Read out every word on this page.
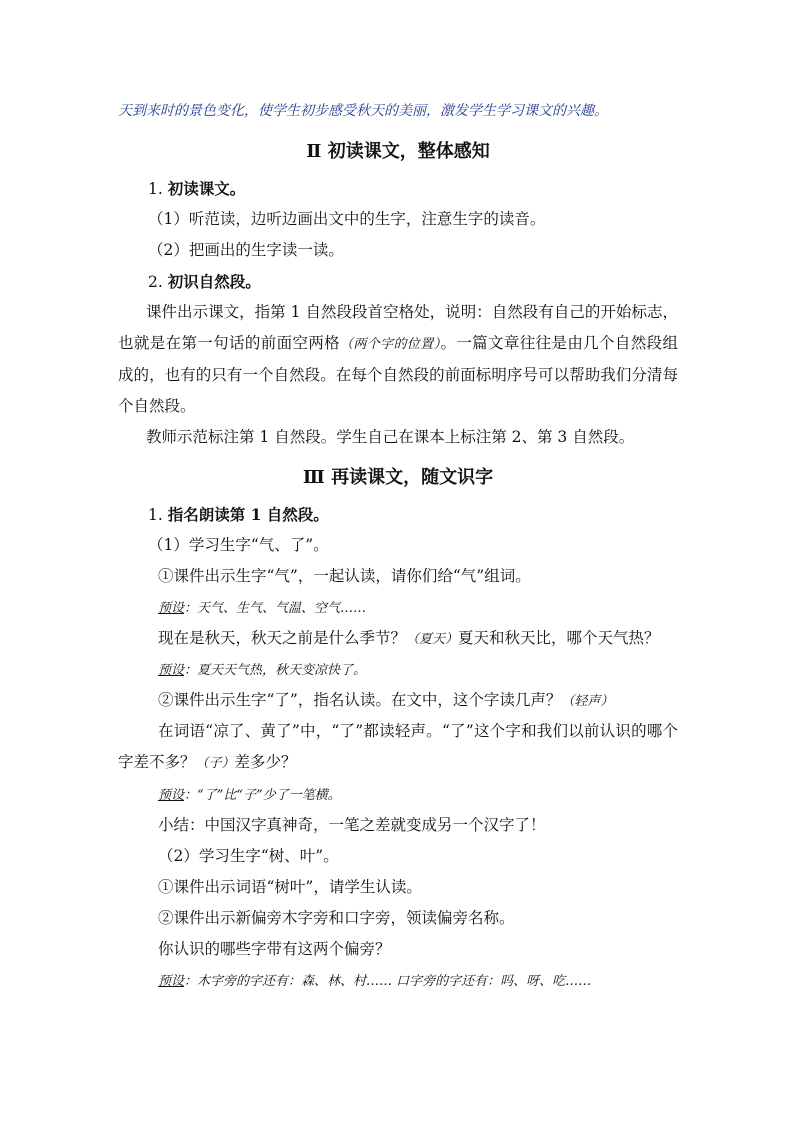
天到来时的景色变化，使学生初步感受秋天的美丽，激发学生学习课文的兴趣。
Ⅱ 初读课文，整体感知
1. 初读课文。
（1）听范读，边听边画出文中的生字，注意生字的读音。
（2）把画出的生字读一读。
2. 初识自然段。
课件出示课文，指第 1 自然段段首空格处，说明：自然段有自己的开始标志，也就是在第一句话的前面空两格（两个字的位置）。一篇文章往往是由几个自然段组成的，也有的只有一个自然段。在每个自然段的前面标明序号可以帮助我们分清每个自然段。
教师示范标注第 1 自然段。学生自己在课本上标注第 2、第 3 自然段。
Ⅲ 再读课文，随文识字
1. 指名朗读第 1 自然段。
（1）学习生字“气、了”。
①课件出示生字“气”，一起认读，请你们给“气”组词。
预设：天气、生气、气温、空气……
现在是秋天，秋天之前是什么季节？（夏天）夏天和秋天比，哪个天气热？
预设：夏天天气热，秋天变凉快了。
②课件出示生字“了”，指名认读。在文中，这个字读几声？（轻声）
在词语“凉了、黄了”中，“了”都读轻声。“了”这个字和我们以前认识的哪个字差不多？（子）差多少？
预设：“了”比“子”少了一笔横。
小结：中国汉字真神奇，一笔之差就变成另一个汉字了！
（2）学习生字“树、叶”。
①课件出示词语“树叶”，请学生认读。
②课件出示新偏旁木字旁和口字旁，领读偏旁名称。
你认识的哪些字带有这两个偏旁？
预设：木字旁的字还有：森、林、村…… 口字旁的字还有：吗、呀、吃……
